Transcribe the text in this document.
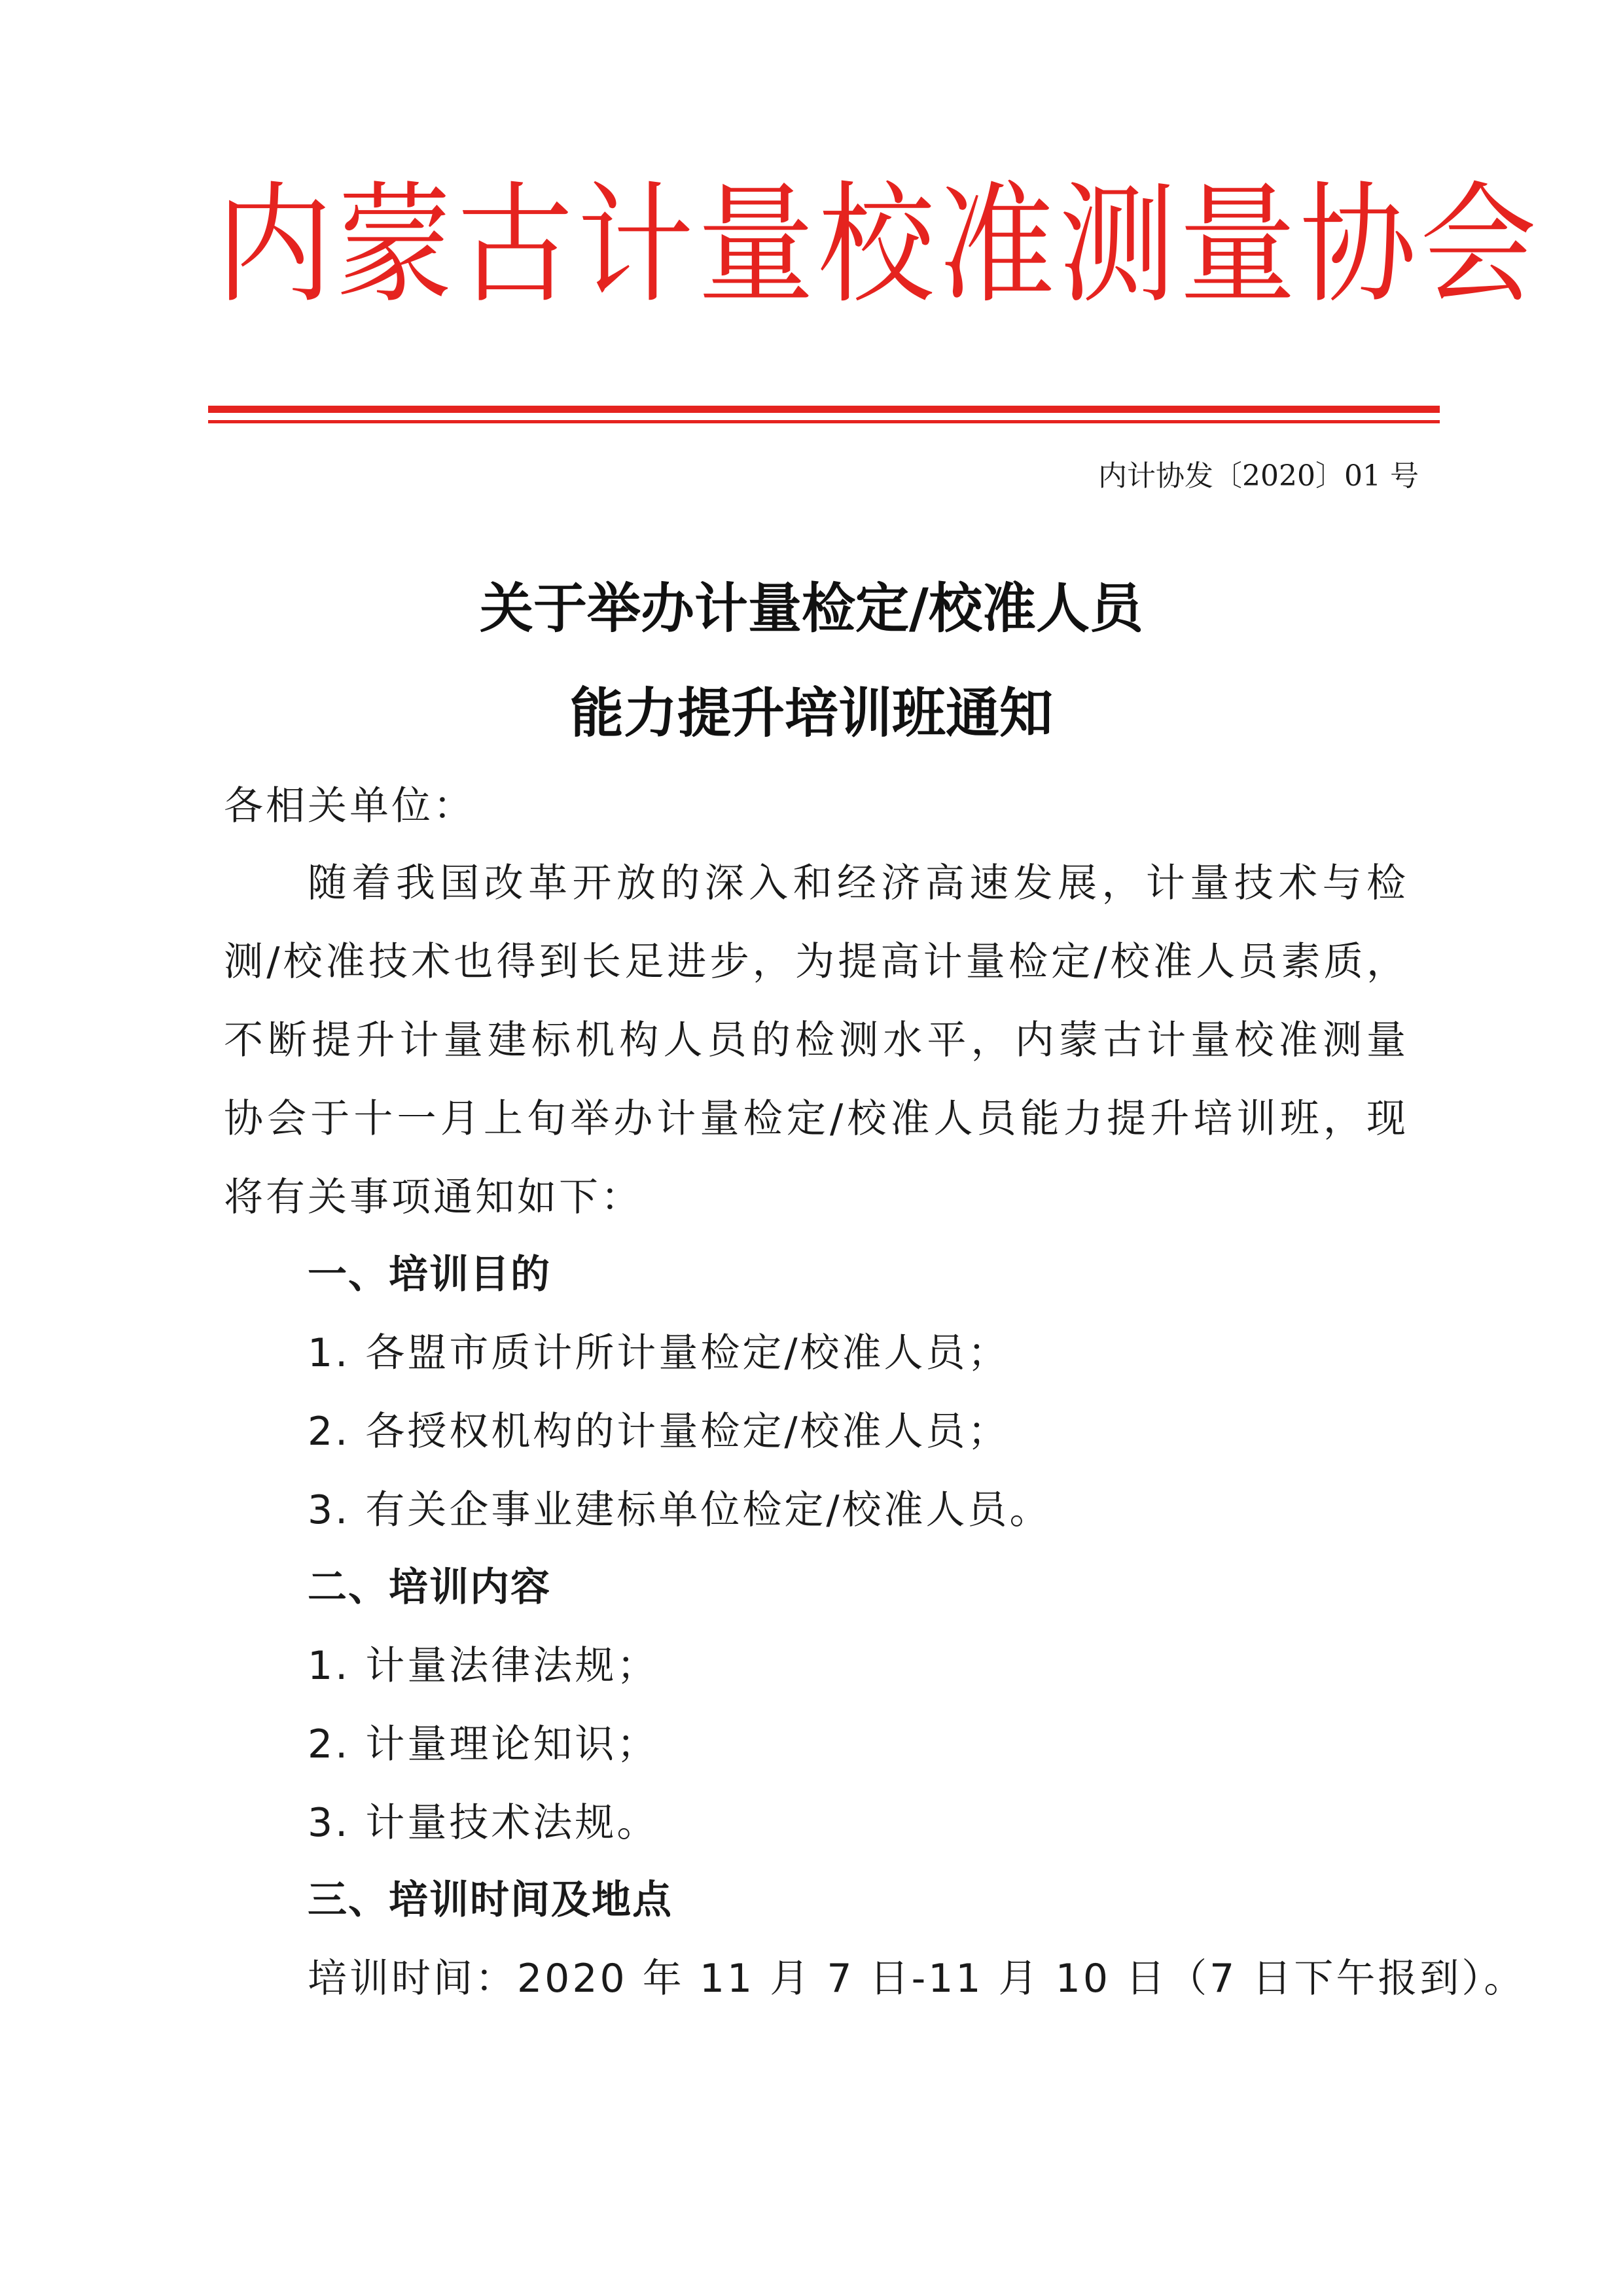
内蒙古计量校准测量协会
内计协发〔2020〕01 号
关于举办计量检定/校准人员
能力提升培训班通知
各相关单位：
随着我国改革开放的深入和经济高速发展，计量技术与检
测/校准技术也得到长足进步，为提高计量检定/校准人员素质，
不断提升计量建标机构人员的检测水平，内蒙古计量校准测量
协会于十一月上旬举办计量检定/校准人员能力提升培训班，现
将有关事项通知如下：
一、培训目的
1. 各盟市质计所计量检定/校准人员；
2. 各授权机构的计量检定/校准人员；
3. 有关企事业建标单位检定/校准人员。
二、培训内容
1. 计量法律法规；
2. 计量理论知识；
3. 计量技术法规。
三、培训时间及地点
培训时间：2020 年 11 月 7 日-11 月 10 日（7 日下午报到）。
